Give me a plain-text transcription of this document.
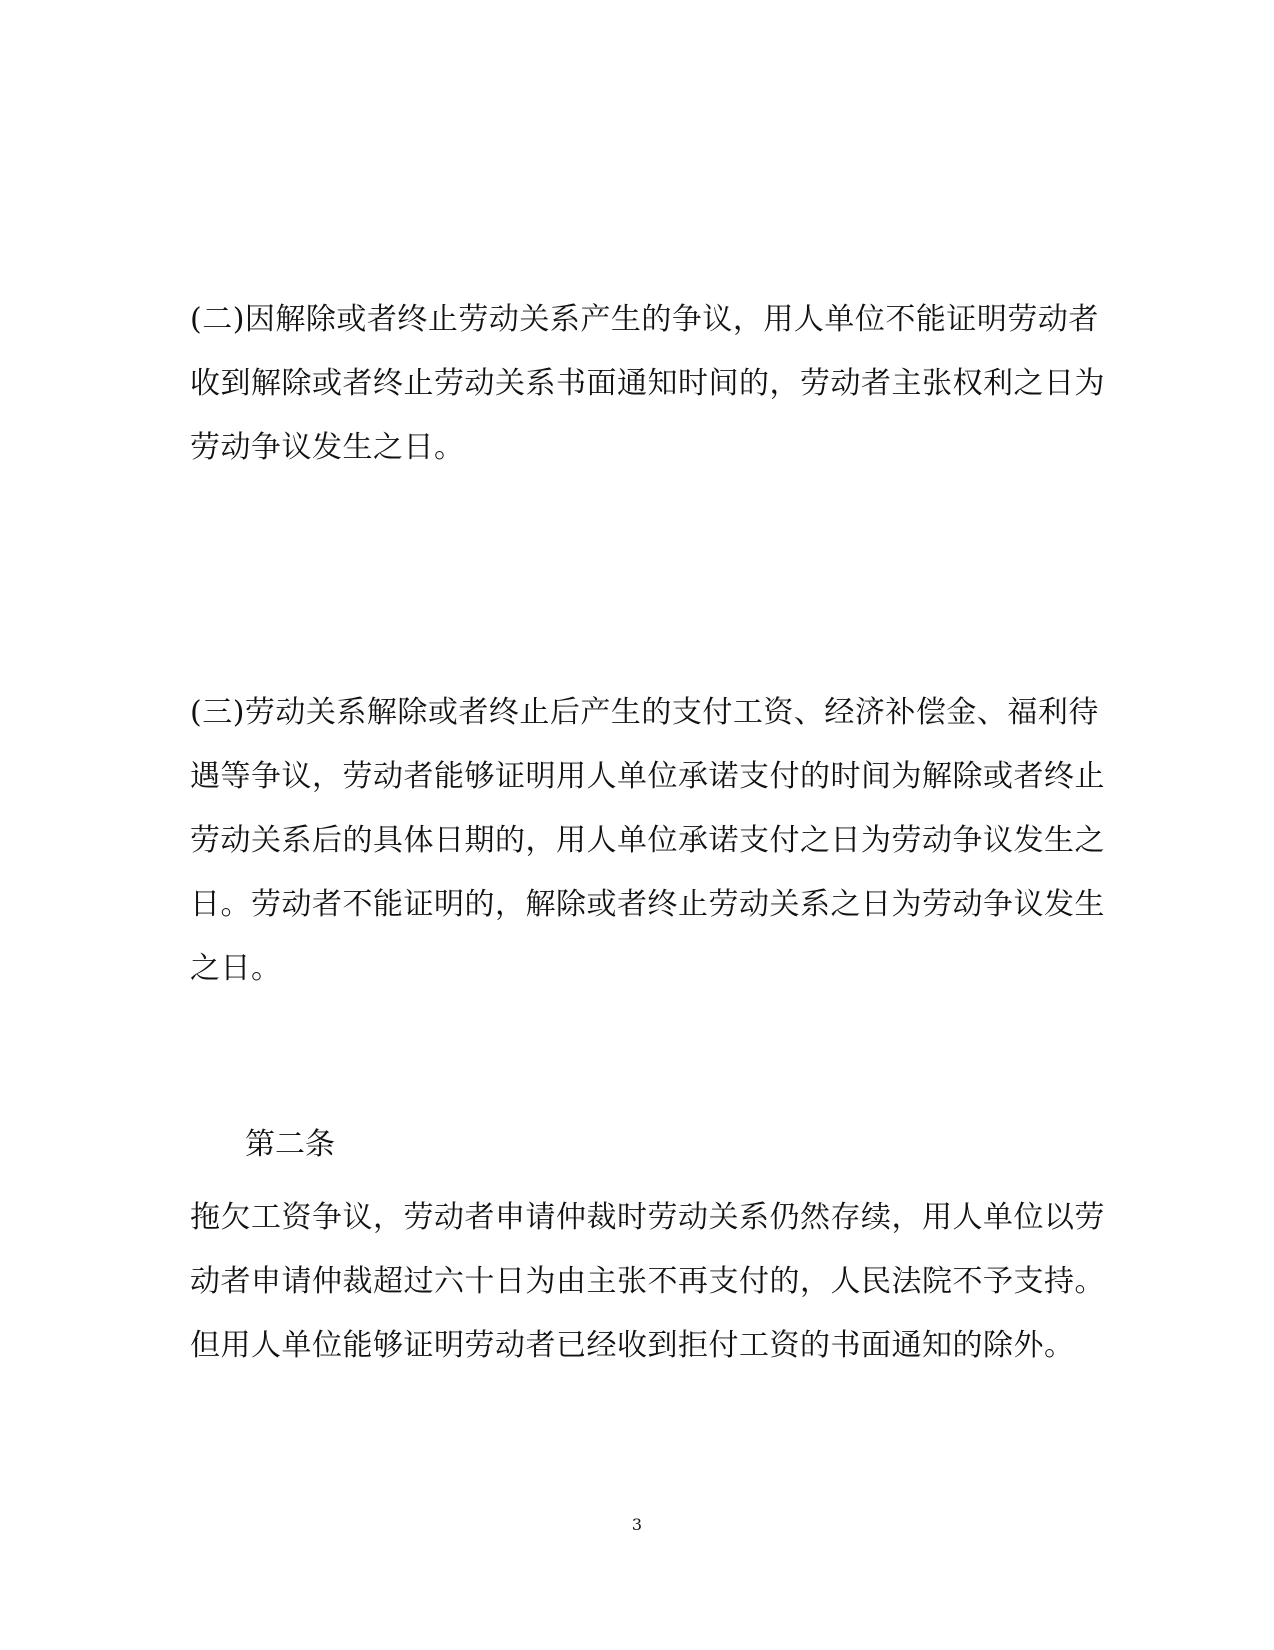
(二)因解除或者终止劳动关系产生的争议，用人单位不能证明劳动者
收到解除或者终止劳动关系书面通知时间的，劳动者主张权利之日为
劳动争议发生之日。

(三)劳动关系解除或者终止后产生的支付工资、经济补偿金、福利待
遇等争议，劳动者能够证明用人单位承诺支付的时间为解除或者终止
劳动关系后的具体日期的，用人单位承诺支付之日为劳动争议发生之
日。劳动者不能证明的，解除或者终止劳动关系之日为劳动争议发生
之日。

第二条

拖欠工资争议，劳动者申请仲裁时劳动关系仍然存续，用人单位以劳
动者申请仲裁超过六十日为由主张不再支付的，人民法院不予支持。
但用人单位能够证明劳动者已经收到拒付工资的书面通知的除外。

3
